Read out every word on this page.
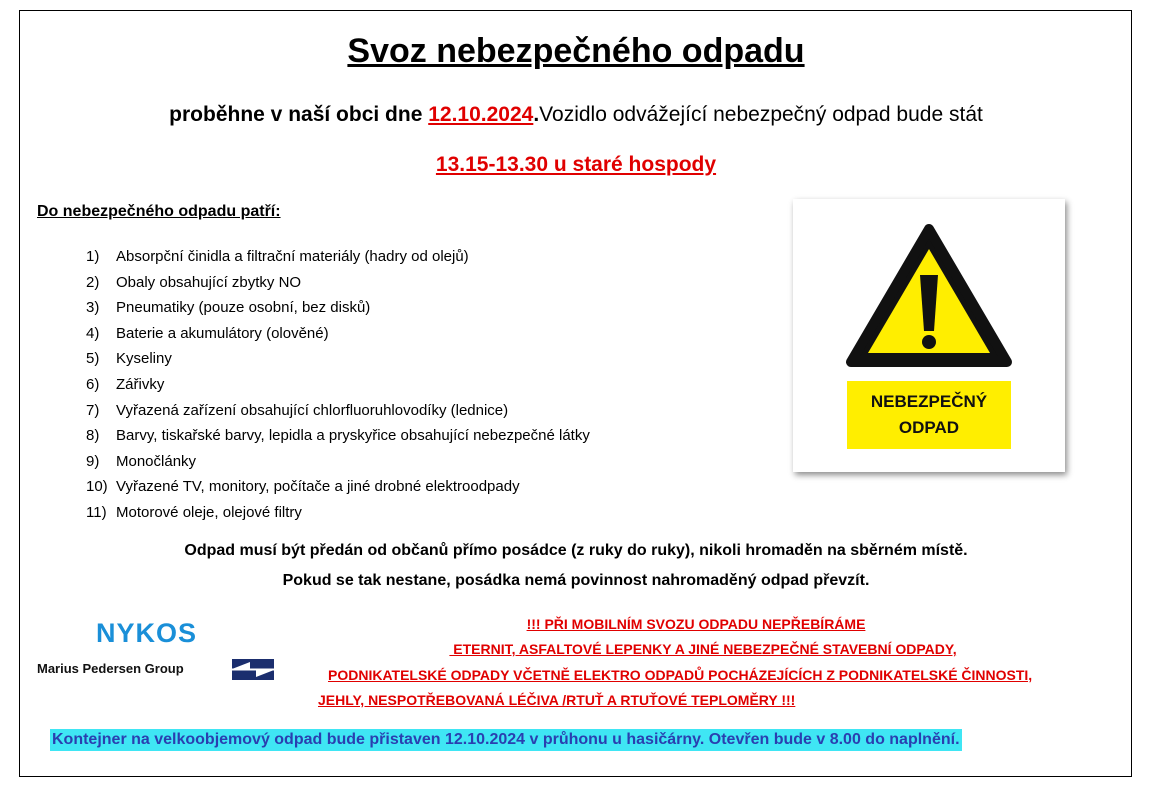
Svoz nebezpečného odpadu
proběhne v naší obci dne 12.10.2024.Vozidlo odvážející nebezpečný odpad bude stát
13.15-13.30 u staré hospody
Do nebezpečného odpadu patří:
1) Absorpční činidla a filtrační materiály (hadry od olejů)
2) Obaly obsahující zbytky NO
3) Pneumatiky (pouze osobní, bez disků)
4) Baterie a akumulátory (olověné)
5) Kyseliny
6) Zářivky
7) Vyřazená zařízení obsahující chlorfluoruhlovodíky (lednice)
8) Barvy, tiskařské barvy, lepidla a pryskyřice obsahující nebezpečné látky
9) Monočlánky
10) Vyřazené TV, monitory, počítače a jiné drobné elektroodpady
11) Motorové oleje, olejové filtry
NEBEZPEČNÝ
ODPAD
Odpad musí být předán od občanů přímo posádce (z ruky do ruky), nikoli hromaděn na sběrném místě.
Pokud se tak nestane, posádka nemá povinnost nahromaděný odpad převzít.
NYKOS
Marius Pedersen Group
!!! PŘI MOBILNÍM SVOZU ODPADU NEPŘEBÍRÁME
ETERNIT, ASFALTOVÉ LEPENKY A JINÉ NEBEZPEČNÉ STAVEBNÍ ODPADY,
PODNIKATELSKÉ ODPADY VČETNĚ ELEKTRO ODPADŮ POCHÁZEJÍCÍCH Z PODNIKATELSKÉ ČINNOSTI,
JEHLY, NESPOTŘEBOVANÁ LÉČIVA /RTUŤ A RTUŤOVÉ TEPLOMĚRY !!!
Kontejner na velkoobjemový odpad bude přistaven 12.10.2024 v průhonu u hasičárny. Otevřen bude v 8.00 do naplnění.
